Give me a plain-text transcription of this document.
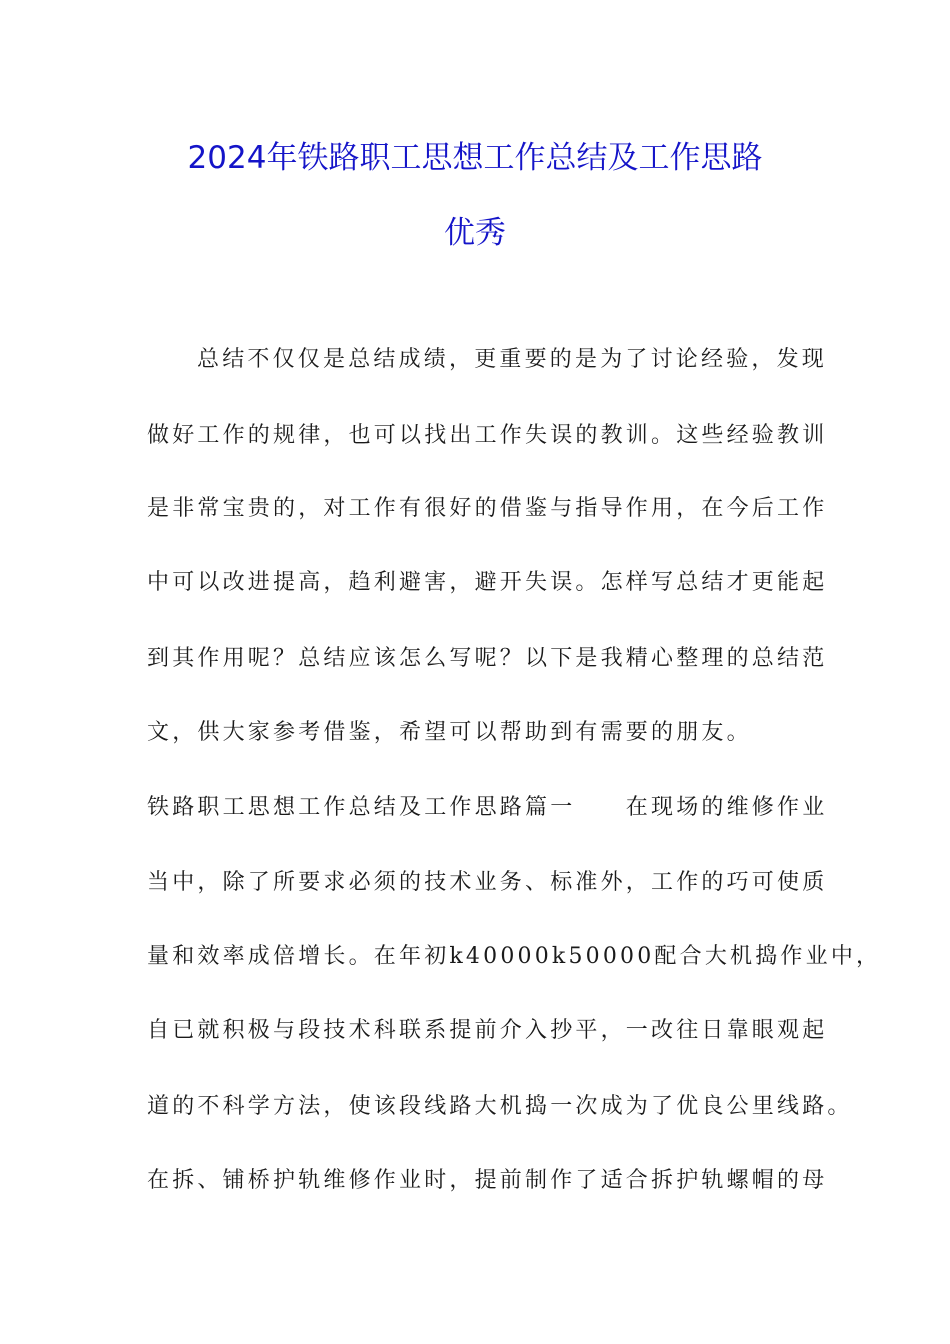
2024年铁路职工思想工作总结及工作思路
优秀
总结不仅仅是总结成绩，更重要的是为了讨论经验，发现
做好工作的规律，也可以找出工作失误的教训。这些经验教训
是非常宝贵的，对工作有很好的借鉴与指导作用，在今后工作
中可以改进提高，趋利避害，避开失误。怎样写总结才更能起
到其作用呢？总结应该怎么写呢？以下是我精心整理的总结范
文，供大家参考借鉴，希望可以帮助到有需要的朋友。
铁路职工思想工作总结及工作思路篇一　　在现场的维修作业
当中，除了所要求必须的技术业务、标准外，工作的巧可使质
量和效率成倍增长。在年初k40000k50000配合大机捣作业中，
自已就积极与段技术科联系提前介入抄平，一改往日靠眼观起
道的不科学方法，使该段线路大机捣一次成为了优良公里线路。
在拆、铺桥护轨维修作业时，提前制作了适合拆护轨螺帽的母
